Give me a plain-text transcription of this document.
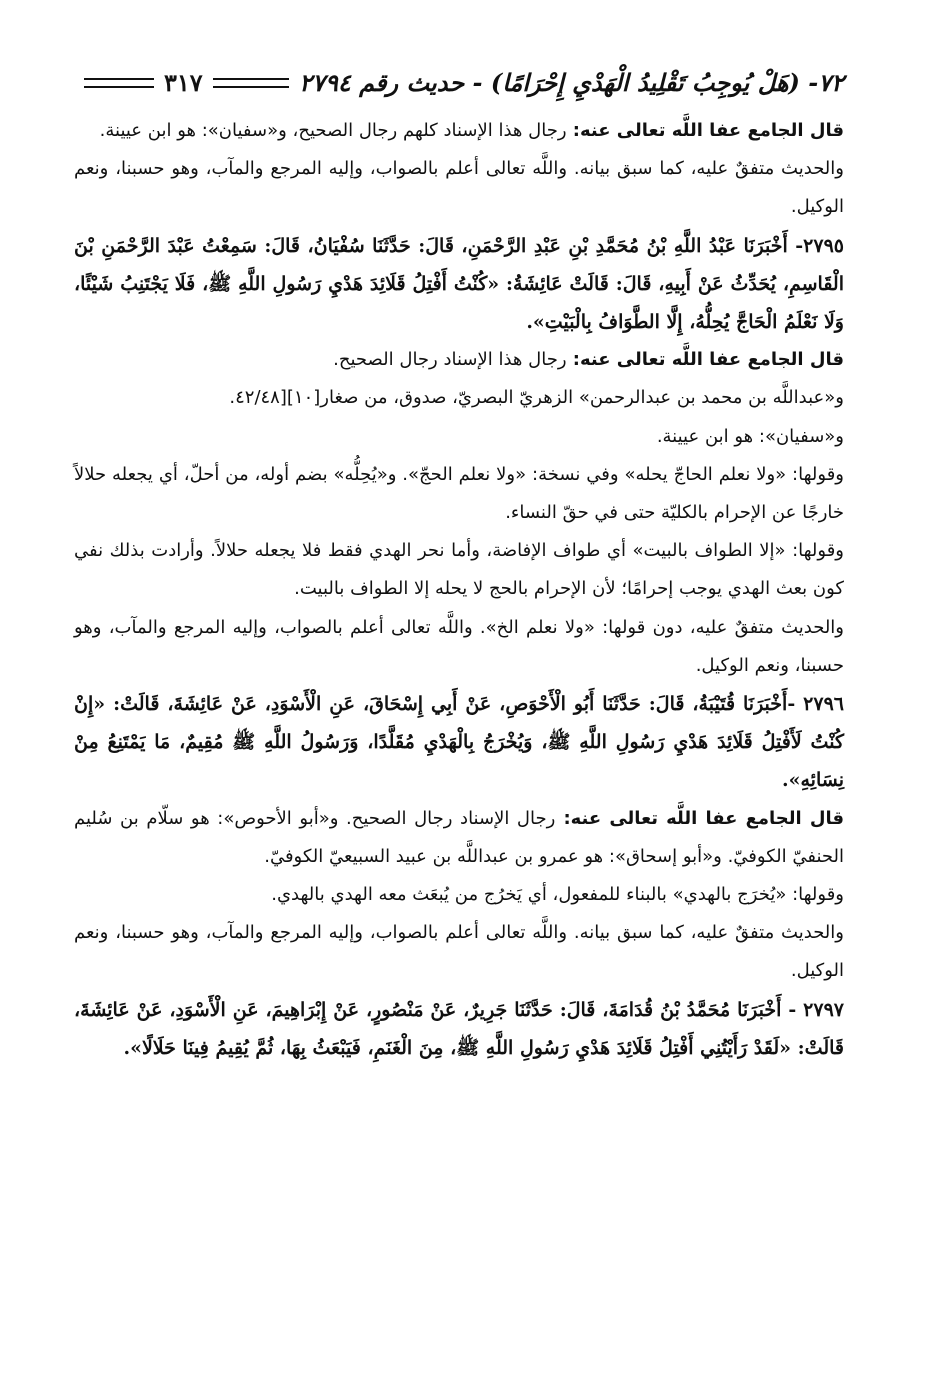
٧٢- (هَلْ يُوجِبُ تَقْلِيدُ الْهَدْيِ إِحْرَامًا) - حديث رقم ٢٧٩٤
٣١٧

قال الجامع عفا اللَّه تعالى عنه: رجال هذا الإسناد كلهم رجال الصحيح، و«سفيان»: هو ابن عيينة.

والحديث متفقٌ عليه، كما سبق بيانه. واللَّه تعالى أعلم بالصواب، وإليه المرجع والمآب، وهو حسبنا، ونعم الوكيل.

٢٧٩٥- أَخْبَرَنَا عَبْدُ اللَّهِ بْنُ مُحَمَّدِ بْنِ عَبْدِ الرَّحْمَنِ، قَالَ: حَدَّثَنَا سُفْيَانُ، قَالَ: سَمِعْتُ عَبْدَ الرَّحْمَنِ بْنَ الْقَاسِمِ، يُحَدِّثُ عَنْ أَبِيهِ، قَالَ: قَالَتْ عَائِشَةُ: «كُنْتُ أَفْتِلُ قَلَائِدَ هَدْيِ رَسُولِ اللَّهِ ﷺ، فَلَا يَجْتَنِبُ شَيْئًا، وَلَا نَعْلَمُ الْحَاجَّ يُحِلُّهُ، إِلَّا الطَّوَافُ بِالْبَيْتِ».

قال الجامع عفا اللَّه تعالى عنه: رجال هذا الإسناد رجال الصحيح.

و«عبداللَّه بن محمد بن عبدالرحمن» الزهريّ البصريّ، صدوق، من صغار[١٠][٤٢/٤٨.

و«سفيان»: هو ابن عيينة.

وقولها: «ولا نعلم الحاجّ يحله» وفي نسخة: «ولا نعلم الحجّ». و«يُحِلُّه» بضم أوله، من أحلّ، أي يجعله حلالاً خارجًا عن الإحرام بالكليّة حتى في حقّ النساء.

وقولها: «إلا الطواف بالبيت» أي طواف الإفاضة، وأما نحر الهدي فقط فلا يجعله حلالاً. وأرادت بذلك نفي كون بعث الهدي يوجب إحرامًا؛ لأن الإحرام بالحج لا يحله إلا الطواف بالبيت.

والحديث متفقٌ عليه، دون قولها: «ولا نعلم الخ». واللَّه تعالى أعلم بالصواب، وإليه المرجع والمآب، وهو حسبنا، ونعم الوكيل.

٢٧٩٦ -أَخْبَرَنَا قُتَيْبَةُ، قَالَ: حَدَّثَنَا أَبُو الْأَحْوَصِ، عَنْ أَبِي إِسْحَاقَ، عَنِ الْأَسْوَدِ، عَنْ عَائِشَةَ، قَالَتْ: «إِنْ كُنْتُ لَأَفْتِلُ قَلَائِدَ هَدْيِ رَسُولِ اللَّهِ ﷺ، وَيُخْرَجُ بِالْهَدْيِ مُقَلَّدًا، وَرَسُولُ اللَّهِ ﷺ مُقِيمٌ، مَا يَمْتَنِعُ مِنْ نِسَائِهِ».

قال الجامع عفا اللَّه تعالى عنه: رجال الإسناد رجال الصحيح. و«أبو الأحوص»: هو سلّام بن سُليم الحنفيّ الكوفيّ. و«أبو إسحاق»: هو عمرو بن عبداللَّه بن عبيد السبيعيّ الكوفيّ.

وقولها: «يُخرَج بالهدي» بالبناء للمفعول، أي يَخرُج من يُبعَث معه الهدي بالهدي.

والحديث متفقٌ عليه، كما سبق بيانه. واللَّه تعالى أعلم بالصواب، وإليه المرجع والمآب، وهو حسبنا، ونعم الوكيل.

٢٧٩٧ - أَخْبَرَنَا مُحَمَّدُ بْنُ قُدَامَةَ، قَالَ: حَدَّثَنَا جَرِيرٌ، عَنْ مَنْصُورٍ، عَنْ إِبْرَاهِيمَ، عَنِ الْأَسْوَدِ، عَنْ عَائِشَةَ، قَالَتْ: «لَقَدْ رَأَيْتُنِي أَفْتِلُ قَلَائِدَ هَدْيِ رَسُولِ اللَّهِ ﷺ، مِنَ الْغَنَمِ، فَيَبْعَثُ بِهَا، ثُمَّ يُقِيمُ فِينَا حَلَالًا».
